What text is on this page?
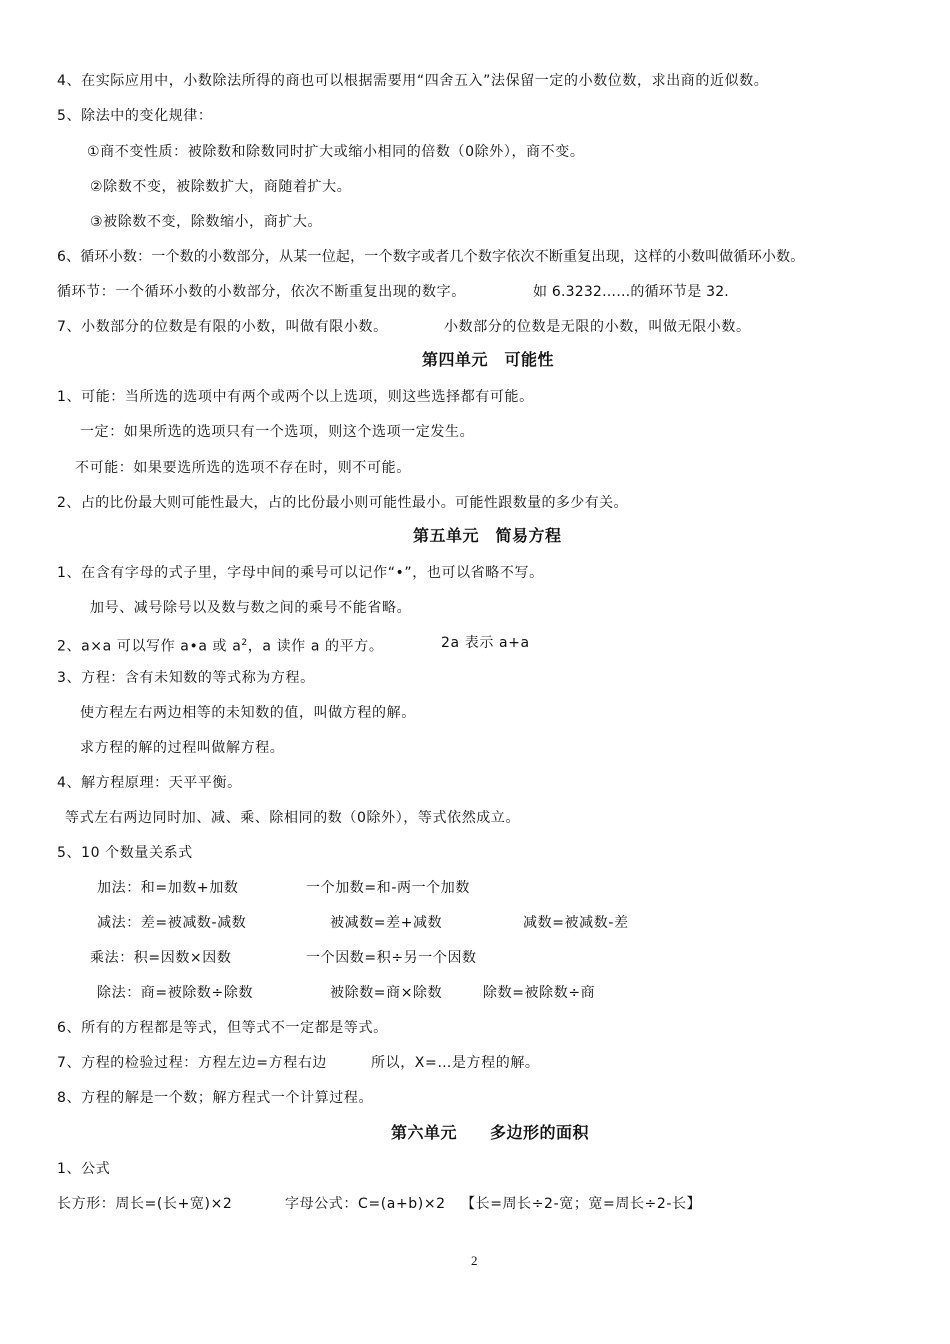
4、在实际应用中，小数除法所得的商也可以根据需要用“四舍五入”法保留一定的小数位数，求出商的近似数。
5、除法中的变化规律：
①商不变性质：被除数和除数同时扩大或缩小相同的倍数（0除外），商不变。
②除数不变，被除数扩大，商随着扩大。
③被除数不变，除数缩小，商扩大。
6、循环小数：一个数的小数部分，从某一位起，一个数字或者几个数字依次不断重复出现，这样的小数叫做循环小数。
循环节：一个循环小数的小数部分，依次不断重复出现的数字。	如 6.3232……的循环节是 32.
7、小数部分的位数是有限的小数，叫做有限小数。	小数部分的位数是无限的小数，叫做无限小数。
第四单元　可能性
1、可能：当所选的选项中有两个或两个以上选项，则这些选择都有可能。
一定：如果所选的选项只有一个选项，则这个选项一定发生。
不可能：如果要选所选的选项不存在时，则不可能。
2、占的比份最大则可能性最大，占的比份最小则可能性最小。可能性跟数量的多少有关。
第五单元　简易方程
1、在含有字母的式子里，字母中间的乘号可以记作“•”，也可以省略不写。
加号、减号除号以及数与数之间的乘号不能省略。
2、a×a 可以写作 a•a 或 $a^2$，a 读作 a 的平方。	2a 表示 a+a
3、方程：含有未知数的等式称为方程。
使方程左右两边相等的未知数的值，叫做方程的解。
求方程的解的过程叫做解方程。
4、解方程原理：天平平衡。
等式左右两边同时加、减、乘、除相同的数（0除外），等式依然成立。
5、10 个数量关系式
加法：和=加数+加数	一个加数=和-两一个加数
减法：差=被减数-减数	被减数=差+减数	减数=被减数-差
乘法：积=因数×因数	一个因数=积÷另一个因数
除法：商=被除数÷除数	被除数=商×除数	除数=被除数÷商
6、所有的方程都是等式，但等式不一定都是等式。
7、方程的检验过程：方程左边=方程右边	所以，X=…是方程的解。
8、方程的解是一个数；解方程式一个计算过程。
第六单元　　多边形的面积
1、公式
长方形：周长=(长+宽)×2	字母公式：C=(a+b)×2 【长=周长÷2-宽；宽=周长÷2-长】
2
